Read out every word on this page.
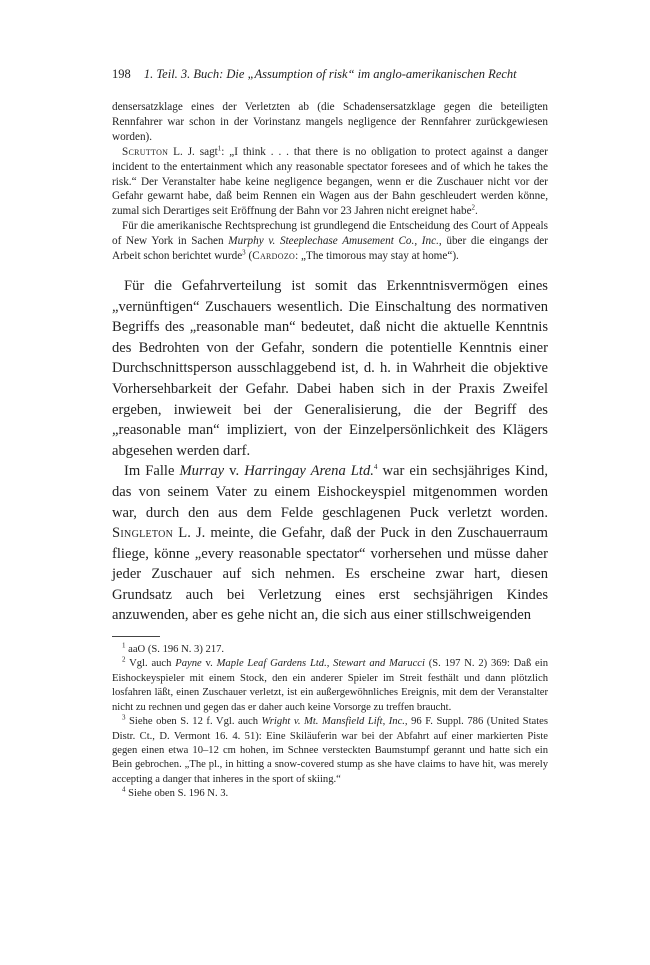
198 1. Teil. 3. Buch: Die „Assumption of risk“ im anglo-amerikanischen Recht

densersatzklage eines der Verletzten ab (die Schadensersatzklage gegen die beteiligten Rennfahrer war schon in der Vorinstanz mangels negligence der Rennfahrer zurückgewiesen worden).

Scrutton L. J. sagt$^1$: „I think . . . that there is no obligation to protect against a danger incident to the entertainment which any reasonable spectator foresees and of which he takes the risk.“ Der Veranstalter habe keine negligence begangen, wenn er die Zuschauer nicht vor der Gefahr gewarnt habe, daß beim Rennen ein Wagen aus der Bahn geschleudert werden könne, zumal sich Derartiges seit Eröffnung der Bahn vor 23 Jahren nicht ereignet habe$^2$.

Für die amerikanische Rechtsprechung ist grundlegend die Entscheidung des Court of Appeals of New York in Sachen Murphy v. Steeplechase Amusement Co., Inc., über die eingangs der Arbeit schon berichtet wurde$^3$ (Cardozo: „The timorous may stay at home“).

Für die Gefahrverteilung ist somit das Erkenntnisvermögen eines „vernünftigen“ Zuschauers wesentlich. Die Einschaltung des normativen Begriffs des „reasonable man“ bedeutet, daß nicht die aktuelle Kenntnis des Bedrohten von der Gefahr, sondern die potentielle Kenntnis einer Durchschnittsperson ausschlaggebend ist, d. h. in Wahrheit die objektive Vorhersehbarkeit der Gefahr. Dabei haben sich in der Praxis Zweifel ergeben, inwieweit bei der Generalisierung, die der Begriff des „reasonable man“ impliziert, von der Einzelpersönlichkeit des Klägers abgesehen werden darf.

Im Falle Murray v. Harringay Arena Ltd.$^4$ war ein sechsjähriges Kind, das von seinem Vater zu einem Eishockeyspiel mitgenommen worden war, durch den aus dem Felde geschlagenen Puck verletzt worden. Singleton L. J. meinte, die Gefahr, daß der Puck in den Zuschauerraum fliege, könne „every reasonable spectator“ vorhersehen und müsse daher jeder Zuschauer auf sich nehmen. Es erscheine zwar hart, diesen Grundsatz auch bei Verletzung eines erst sechsjährigen Kindes anzuwenden, aber es gehe nicht an, die sich aus einer stillschweigenden

$^1$ aaO (S. 196 N. 3) 217.

$^2$ Vgl. auch Payne v. Maple Leaf Gardens Ltd., Stewart and Marucci (S. 197 N. 2) 369: Daß ein Eishockeyspieler mit einem Stock, den ein anderer Spieler im Streit festhält und dann plötzlich losfahren läßt, einen Zuschauer verletzt, ist ein außergewöhnliches Ereignis, mit dem der Veranstalter nicht zu rechnen und gegen das er daher auch keine Vorsorge zu treffen braucht.

$^3$ Siehe oben S. 12 f. Vgl. auch Wright v. Mt. Mansfield Lift, Inc., 96 F. Suppl. 786 (United States Distr. Ct., D. Vermont 16. 4. 51): Eine Skiläuferin war bei der Abfahrt auf einer markierten Piste gegen einen etwa 10–12 cm hohen, im Schnee versteckten Baumstumpf gerannt und hatte sich ein Bein gebrochen. „The pl., in hitting a snow-covered stump as she have claims to have hit, was merely accepting a danger that inheres in the sport of skiing.“

$^4$ Siehe oben S. 196 N. 3.
